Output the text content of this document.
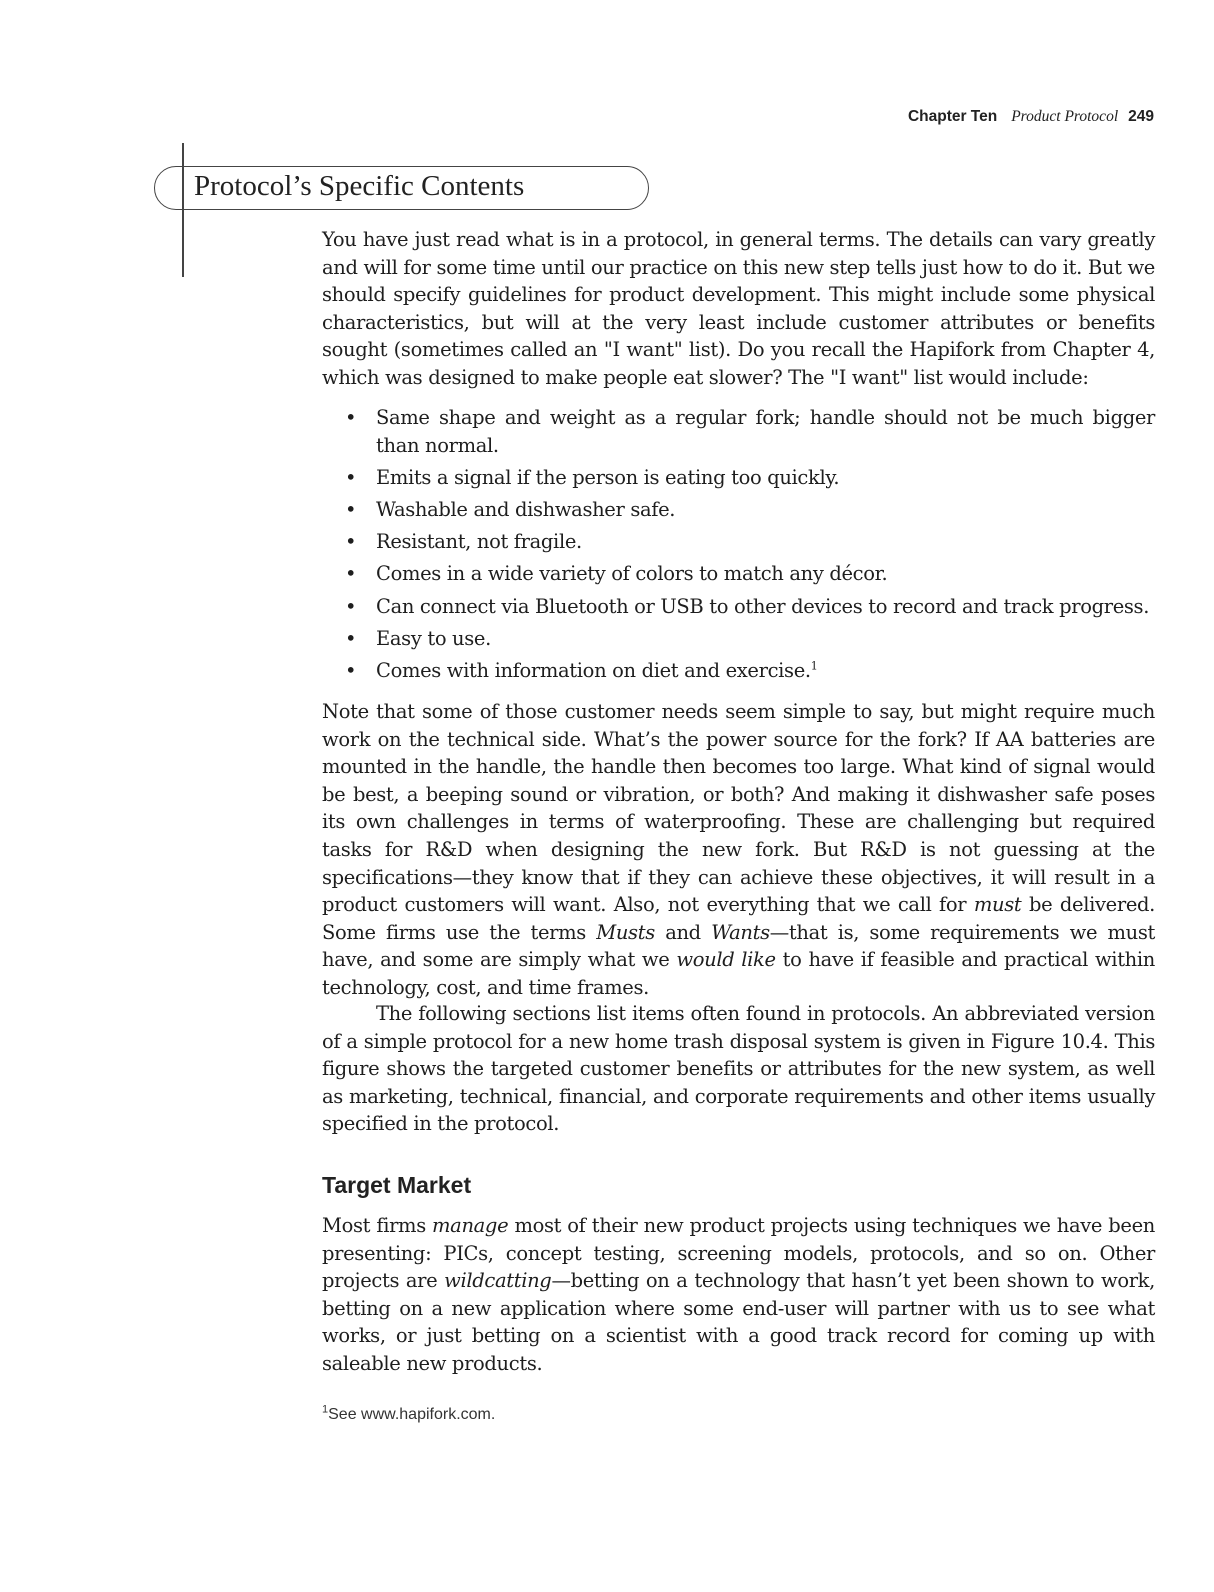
Chapter Ten Product Protocol 249
Protocol’s Specific Contents

You have just read what is in a protocol, in general terms. The details can vary greatly and will for some time until our practice on this new step tells just how to do it. But we should specify guidelines for product development. This might include some physical characteristics, but will at the very least include customer attributes or benefits sought (sometimes called an "I want" list). Do you recall the Hapifork from Chapter 4, which was designed to make people eat slower? The "I want" list would include:

• Same shape and weight as a regular fork; handle should not be much bigger than normal.
• Emits a signal if the person is eating too quickly.
• Washable and dishwasher safe.
• Resistant, not fragile.
• Comes in a wide variety of colors to match any décor.
• Can connect via Bluetooth or USB to other devices to record and track progress.
• Easy to use.
• Comes with information on diet and exercise.$^1$

Note that some of those customer needs seem simple to say, but might require much work on the technical side. What’s the power source for the fork? If AA batteries are mounted in the handle, the handle then becomes too large. What kind of signal would be best, a beeping sound or vibration, or both? And making it dishwasher safe poses its own challenges in terms of waterproofing. These are challenging but required tasks for R&D when designing the new fork. But R&D is not guessing at the specifications—they know that if they can achieve these objectives, it will result in a product customers will want. Also, not everything that we call for must be delivered. Some firms use the terms Musts and Wants—that is, some requirements we must have, and some are simply what we would like to have if feasible and practical within technology, cost, and time frames.

The following sections list items often found in protocols. An abbreviated version of a simple protocol for a new home trash disposal system is given in Figure 10.4. This figure shows the targeted customer benefits or attributes for the new system, as well as marketing, technical, financial, and corporate requirements and other items usually specified in the protocol.

Target Market

Most firms manage most of their new product projects using techniques we have been presenting: PICs, concept testing, screening models, protocols, and so on. Other projects are wildcatting—betting on a technology that hasn’t yet been shown to work, betting on a new application where some end-user will partner with us to see what works, or just betting on a scientist with a good track record for coming up with saleable new products.

$^1$See www.hapifork.com.
